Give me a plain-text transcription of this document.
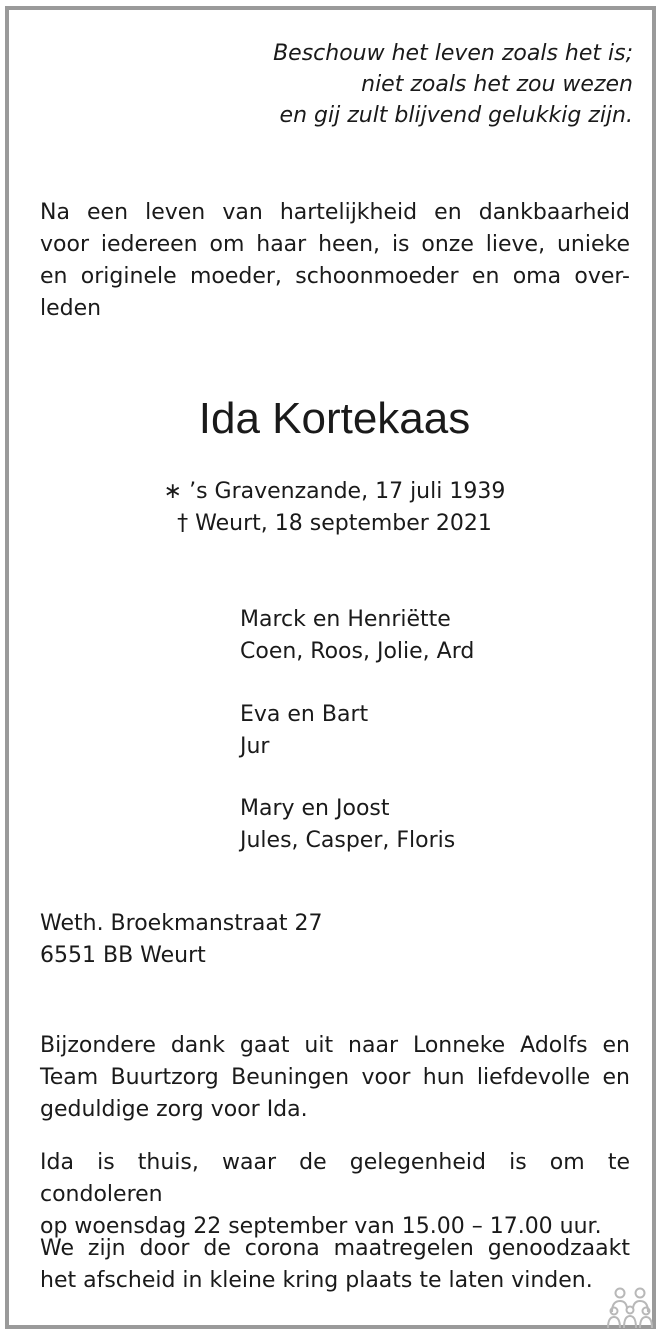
Beschouw het leven zoals het is;
niet zoals het zou wezen
en gij zult blijvend gelukkig zijn.
Na een leven van hartelijkheid en dankbaarheid
voor iedereen om haar heen, is onze lieve, unieke
en originele moeder, schoonmoeder en oma over-
leden
Ida Kortekaas
∗ ’s Gravenzande, 17 juli 1939
† Weurt, 18 september 2021
Marck en Henriëtte
Coen, Roos, Jolie, Ard
Eva en Bart
Jur
Mary en Joost
Jules, Casper, Floris
Weth. Broekmanstraat 27
6551 BB Weurt
Bijzondere dank gaat uit naar Lonneke Adolfs en
Team Buurtzorg Beuningen voor hun liefdevolle en
geduldige zorg voor Ida.
Ida is thuis, waar de gelegenheid is om te condoleren
op woensdag 22 september van 15.00 – 17.00 uur.
We zijn door de corona maatregelen genoodzaakt
het afscheid in kleine kring plaats te laten vinden.
